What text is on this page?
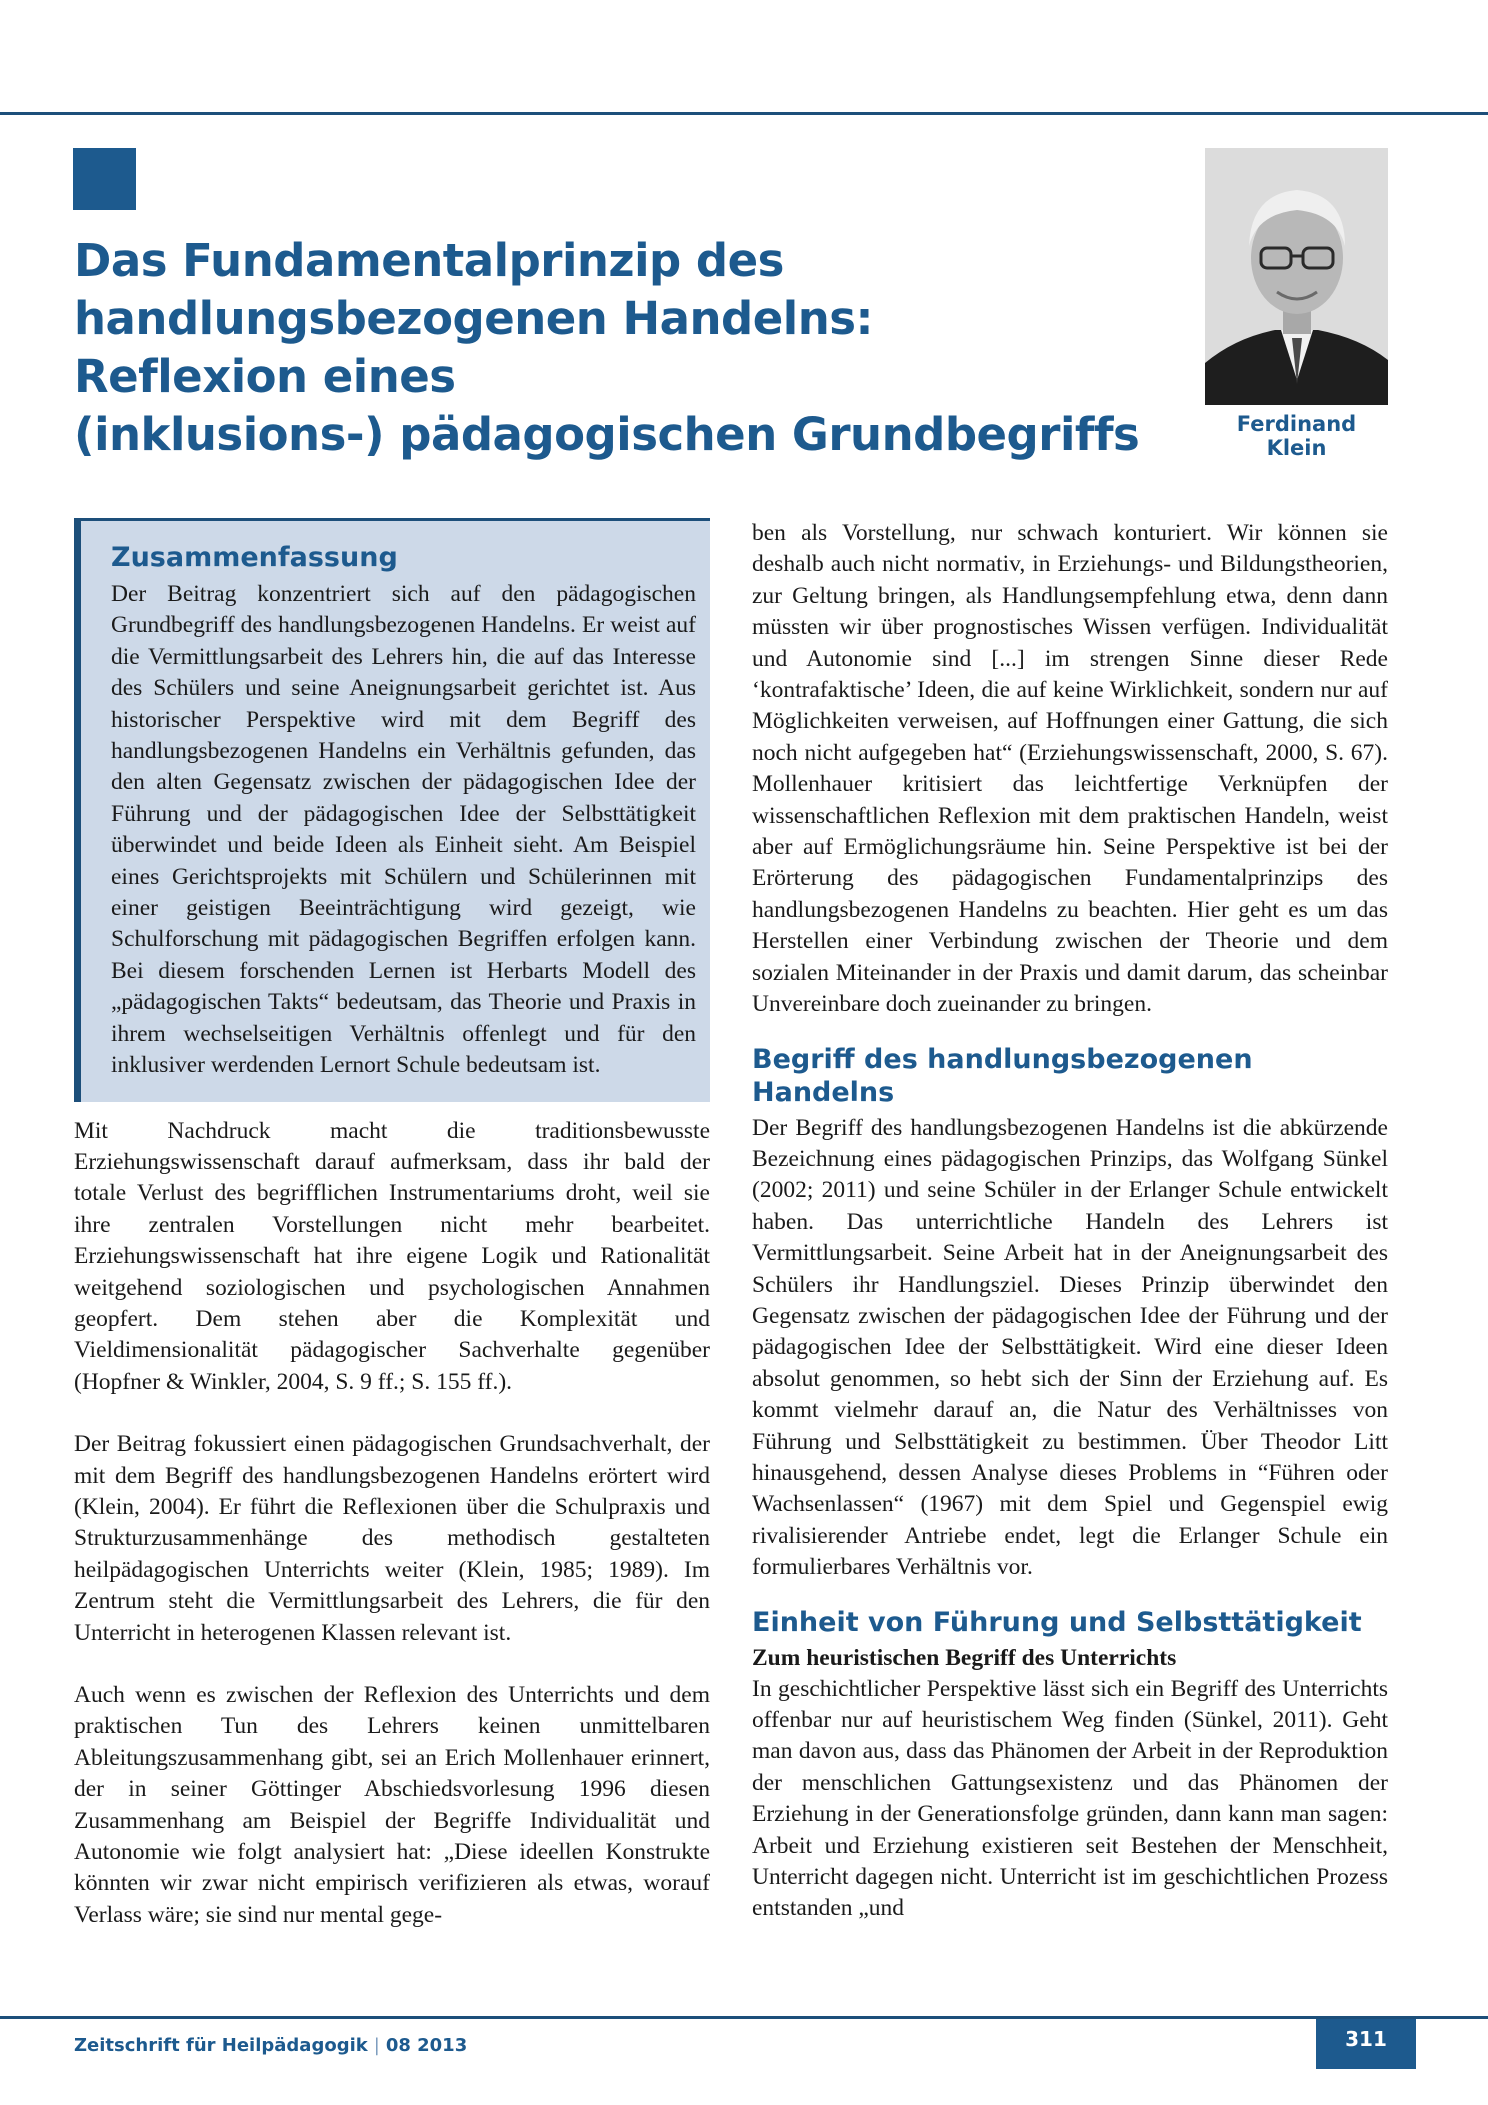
Das Fundamentalprinzip des
handlungsbezogenen Handelns:
Reflexion eines
(inklusions-) pädagogischen Grundbegriffs	Ferdinand Klein
Zusammenfassung

Der Beitrag konzentriert sich auf den pädagogischen Grundbegriff des handlungsbezogenen Handelns. Er weist auf die Vermittlungsarbeit des Lehrers hin, die auf das Interesse des Schülers und seine Aneignungsarbeit gerichtet ist. Aus historischer Perspektive wird mit dem Begriff des handlungsbezogenen Handelns ein Verhältnis gefunden, das den alten Gegensatz zwischen der pädagogischen Idee der Führung und der pädagogischen Idee der Selbsttätigkeit überwindet und beide Ideen als Einheit sieht. Am Beispiel eines Gerichtsprojekts mit Schülern und Schülerinnen mit einer geistigen Beeinträchtigung wird gezeigt, wie Schulforschung mit pädagogischen Begriffen erfolgen kann. Bei diesem forschenden Lernen ist Herbarts Modell des „pädagogischen Takts“ bedeutsam, das Theorie und Praxis in ihrem wechselseitigen Verhältnis offenlegt und für den inklusiver werdenden Lernort Schule bedeutsam ist.

Mit Nachdruck macht die traditionsbewusste Erziehungswissenschaft darauf aufmerksam, dass ihr bald der totale Verlust des begrifflichen Instrumentariums droht, weil sie ihre zentralen Vorstellungen nicht mehr bearbeitet. Erziehungswissenschaft hat ihre eigene Logik und Rationalität weitgehend soziologischen und psychologischen Annahmen geopfert. Dem stehen aber die Komplexität und Vieldimensionalität pädagogischer Sachverhalte gegenüber (Hopfner & Winkler, 2004, S. 9 ff.; S. 155 ff.).

Der Beitrag fokussiert einen pädagogischen Grundsachverhalt, der mit dem Begriff des handlungsbezogenen Handelns erörtert wird (Klein, 2004). Er führt die Reflexionen über die Schulpraxis und Strukturzusammenhänge des methodisch gestalteten heilpädagogischen Unterrichts weiter (Klein, 1985; 1989). Im Zentrum steht die Vermittlungsarbeit des Lehrers, die für den Unterricht in heterogenen Klassen relevant ist.

Auch wenn es zwischen der Reflexion des Unterrichts und dem praktischen Tun des Lehrers keinen unmittelbaren Ableitungszusammenhang gibt, sei an Erich Mollenhauer erinnert, der in seiner Göttinger Abschiedsvorlesung 1996 diesen Zusammenhang am Beispiel der Begriffe Individualität und Autonomie wie folgt analysiert hat: „Diese ideellen Konstrukte könnten wir zwar nicht empirisch verifizieren als etwas, worauf Verlass wäre; sie sind nur mental gege-

ben als Vorstellung, nur schwach konturiert. Wir können sie deshalb auch nicht normativ, in Erziehungs- und Bildungstheorien, zur Geltung bringen, als Handlungsempfehlung etwa, denn dann müssten wir über prognostisches Wissen verfügen. Individualität und Autonomie sind [...] im strengen Sinne dieser Rede ‘kontrafaktische’ Ideen, die auf keine Wirklichkeit, sondern nur auf Möglichkeiten verweisen, auf Hoffnungen einer Gattung, die sich noch nicht aufgegeben hat“ (Erziehungswissenschaft, 2000, S. 67). Mollenhauer kritisiert das leichtfertige Verknüpfen der wissenschaftlichen Reflexion mit dem praktischen Handeln, weist aber auf Ermöglichungsräume hin. Seine Perspektive ist bei der Erörterung des pädagogischen Fundamentalprinzips des handlungsbezogenen Handelns zu beachten. Hier geht es um das Herstellen einer Verbindung zwischen der Theorie und dem sozialen Miteinander in der Praxis und damit darum, das scheinbar Unvereinbare doch zueinander zu bringen.

Begriff des handlungsbezogenen Handelns

Der Begriff des handlungsbezogenen Handelns ist die abkürzende Bezeichnung eines pädagogischen Prinzips, das Wolfgang Sünkel (2002; 2011) und seine Schüler in der Erlanger Schule entwickelt haben. Das unterrichtliche Handeln des Lehrers ist Vermittlungsarbeit. Seine Arbeit hat in der Aneignungsarbeit des Schülers ihr Handlungsziel. Dieses Prinzip überwindet den Gegensatz zwischen der pädagogischen Idee der Führung und der pädagogischen Idee der Selbsttätigkeit. Wird eine dieser Ideen absolut genommen, so hebt sich der Sinn der Erziehung auf. Es kommt vielmehr darauf an, die Natur des Verhältnisses von Führung und Selbsttätigkeit zu bestimmen. Über Theodor Litt hinausgehend, dessen Analyse dieses Problems in “Führen oder Wachsenlassen“ (1967) mit dem Spiel und Gegenspiel ewig rivalisierender Antriebe endet, legt die Erlanger Schule ein formulierbares Verhältnis vor.

Einheit von Führung und Selbsttätigkeit
Zum heuristischen Begriff des Unterrichts

In geschichtlicher Perspektive lässt sich ein Begriff des Unterrichts offenbar nur auf heuristischem Weg finden (Sünkel, 2011). Geht man davon aus, dass das Phänomen der Arbeit in der Reproduktion der menschlichen Gattungsexistenz und das Phänomen der Erziehung in der Generationsfolge gründen, dann kann man sagen: Arbeit und Erziehung existieren seit Bestehen der Menschheit, Unterricht dagegen nicht. Unterricht ist im geschichtlichen Prozess entstanden „und

Zeitschrift für Heilpädagogik | 08 2013	311
